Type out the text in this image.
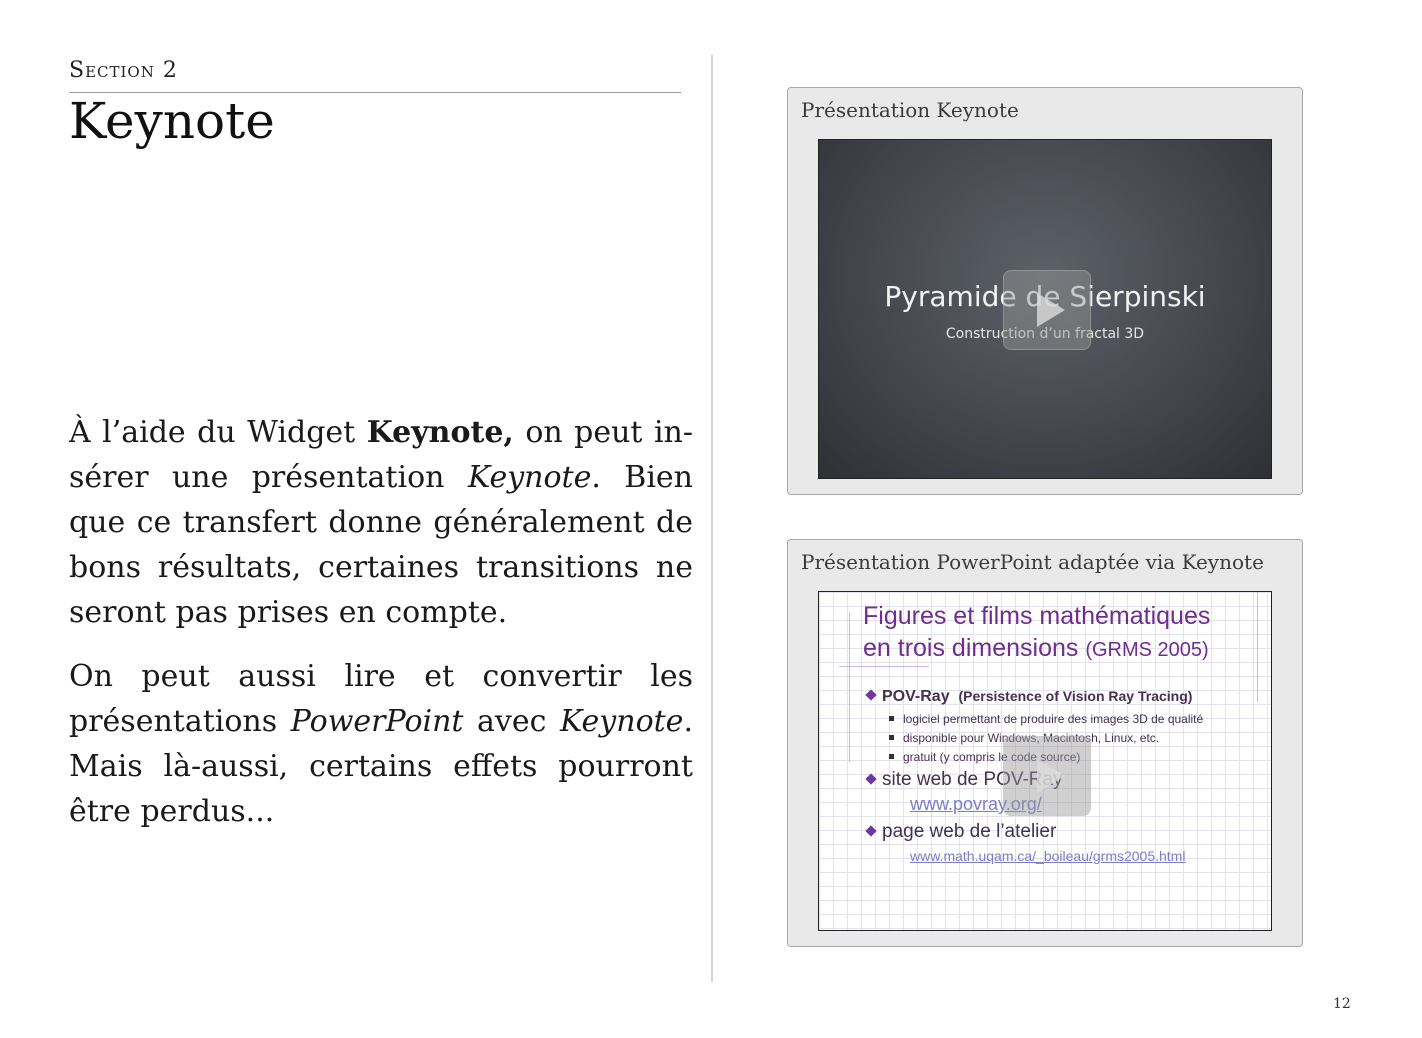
Section 2
Keynote

À l’aide du Widget Keynote, on peut insérer une présentation Keynote. Bien que ce transfert donne généralement de bons résultats, certaines transitions ne seront pas prises en compte.

On peut aussi lire et convertir les présentations PowerPoint avec Keynote. Mais là-aussi, certains effets pourront être perdus...

Présentation Keynote
Pyramide de Sierpinski
Construction d’un fractal 3D
Présentation PowerPoint adaptée via Keynote
Figures et films mathématiques
en trois dimensions (GRMS 2005)
POV-Ray (Persistence of Vision Ray Tracing)
logiciel permettant de produire des images 3D de qualité
disponible pour Windows, Macintosh, Linux, etc.
gratuit (y compris le code source)
site web de POV-Ray
www.povray.org/
page web de l’atelier
www.math.uqam.ca/_boileau/grms2005.html
12
